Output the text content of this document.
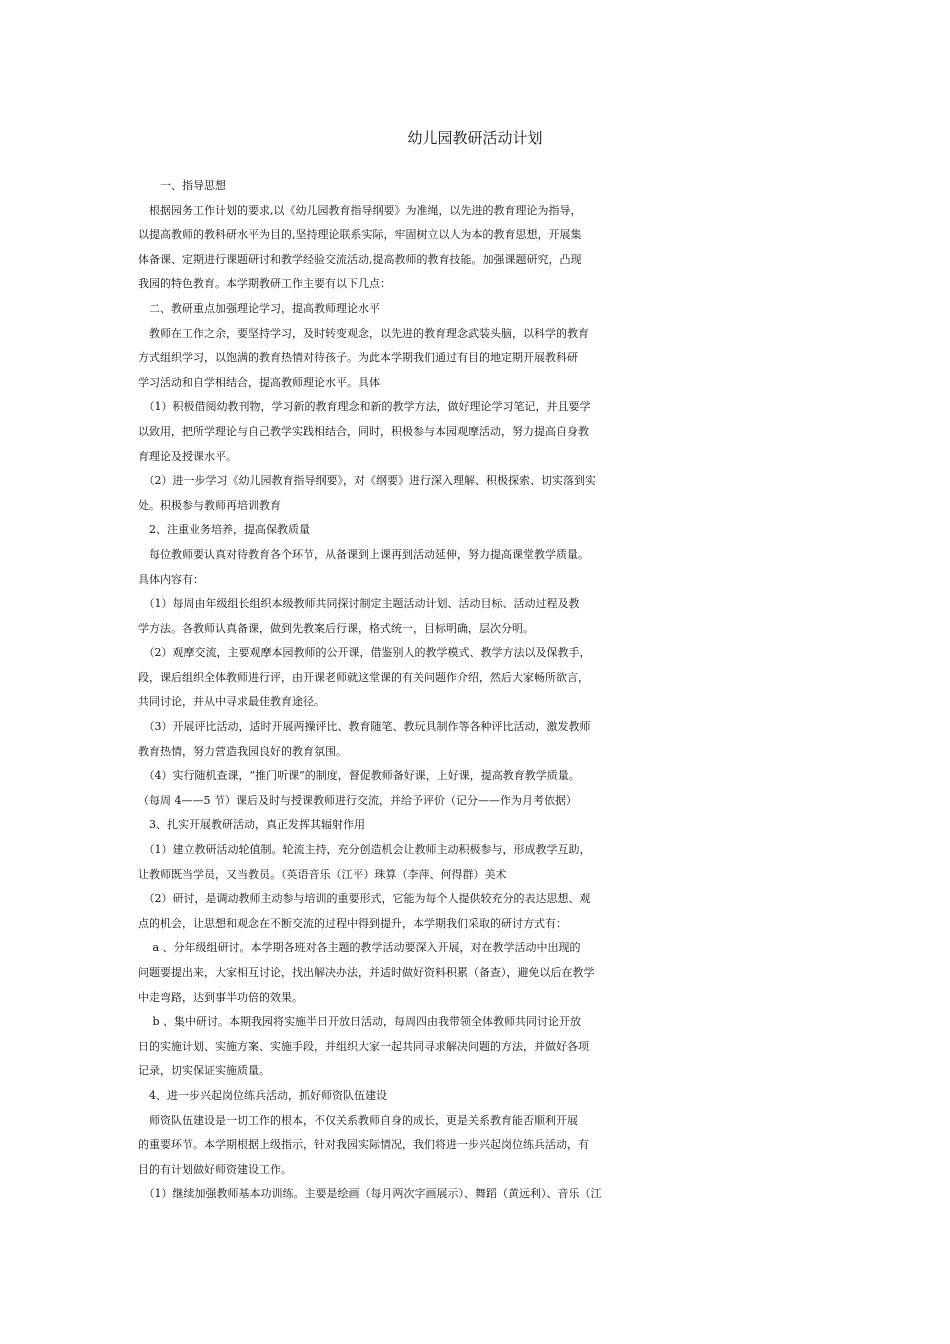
幼儿园教研活动计划
　　一、指导思想
　根据园务工作计划的要求,以《幼儿园教育指导纲要》为准绳，以先进的教育理论为指导，
以提高教师的教科研水平为目的,坚持理论联系实际，牢固树立以人为本的教育思想，开展集
体备课、定期进行课题研讨和教学经验交流活动,提高教师的教育技能。加强课题研究，凸现
我园的特色教育。本学期教研工作主要有以下几点：
　二、教研重点加强理论学习，提高教师理论水平
　教师在工作之余，要坚持学习，及时转变观念，以先进的教育理念武装头脑，以科学的教育
方式组织学习，以饱满的教育热情对待孩子。为此本学期我们通过有目的地定期开展教科研
学习活动和自学相结合，提高教师理论水平。具体
　（1）积极借阅幼教刊物，学习新的教育理念和新的教学方法，做好理论学习笔记，并且要学
以致用，把所学理论与自己教学实践相结合，同时，积极参与本园观摩活动，努力提高自身教
育理论及授课水平。
　（2）进一步学习《幼儿园教育指导纲要》，对《纲要》进行深入理解、积极探索、切实落到实
处。积极参与教师再培训教育
　2、注重业务培养，提高保教质量
　每位教师要认真对待教育各个环节，从备课到上课再到活动延伸，努力提高课堂教学质量。
具体内容有：
　（1）每周由年级组长组织本级教师共同探讨制定主题活动计划、活动目标、活动过程及教
学方法。各教师认真备课，做到先教案后行课，格式统一，目标明确，层次分明。
　（2）观摩交流，主要观摩本园教师的公开课，借鉴别人的教学模式、教学方法以及保教手，
段，课后组织全体教师进行评，由开课老师就这堂课的有关问题作介绍，然后大家畅所欲言，
共同讨论，并从中寻求最佳教育途径。
　（3）开展评比活动，适时开展两操评比、教育随笔、教玩具制作等各种评比活动，激发教师
教育热情，努力营造我园良好的教育氛围。
　（4）实行随机查课，“推门听课”的制度，督促教师备好课，上好课，提高教育教学质量。
（每周 4——5 节）课后及时与授课教师进行交流，并给予评价（记分——作为月考依据）
　3、扎实开展教研活动，真正发挥其辐射作用
　（1）建立教研活动轮值制。轮流主持，充分创造机会让教师主动积极参与，形成教学互助，
让教师既当学员，又当教员。（英语音乐（江平）珠算（李萍、何得群）美术
　（2）研讨，是调动教师主动参与培训的重要形式，它能为每个人提供较充分的表达思想、观
点的机会，让思想和观念在不断交流的过程中得到提升，本学期我们采取的研讨方式有：
　 a 、分年级组研讨。本学期各班对各主题的教学活动要深入开展，对在教学活动中出现的
问题要提出来，大家相互讨论，找出解决办法，并适时做好资料积累（备查），避免以后在教学
中走弯路，达到事半功倍的效果。
　 b 、集中研讨。本期我园将实施半日开放日活动，每周四由我带领全体教师共同讨论开放
日的实施计划、实施方案、实施手段，并组织大家一起共同寻求解决问题的方法，并做好各项
记录，切实保证实施质量。
　4、进一步兴起岗位练兵活动，抓好师资队伍建设
　师资队伍建设是一切工作的根本，不仅关系教师自身的成长，更是关系教育能否顺利开展
的重要环节。本学期根据上级指示，针对我园实际情况，我们将进一步兴起岗位练兵活动，有
目的有计划做好师资建设工作。
　（1）继续加强教师基本功训练。主要是绘画（每月两次字画展示）、舞蹈（黄远利）、音乐（江
